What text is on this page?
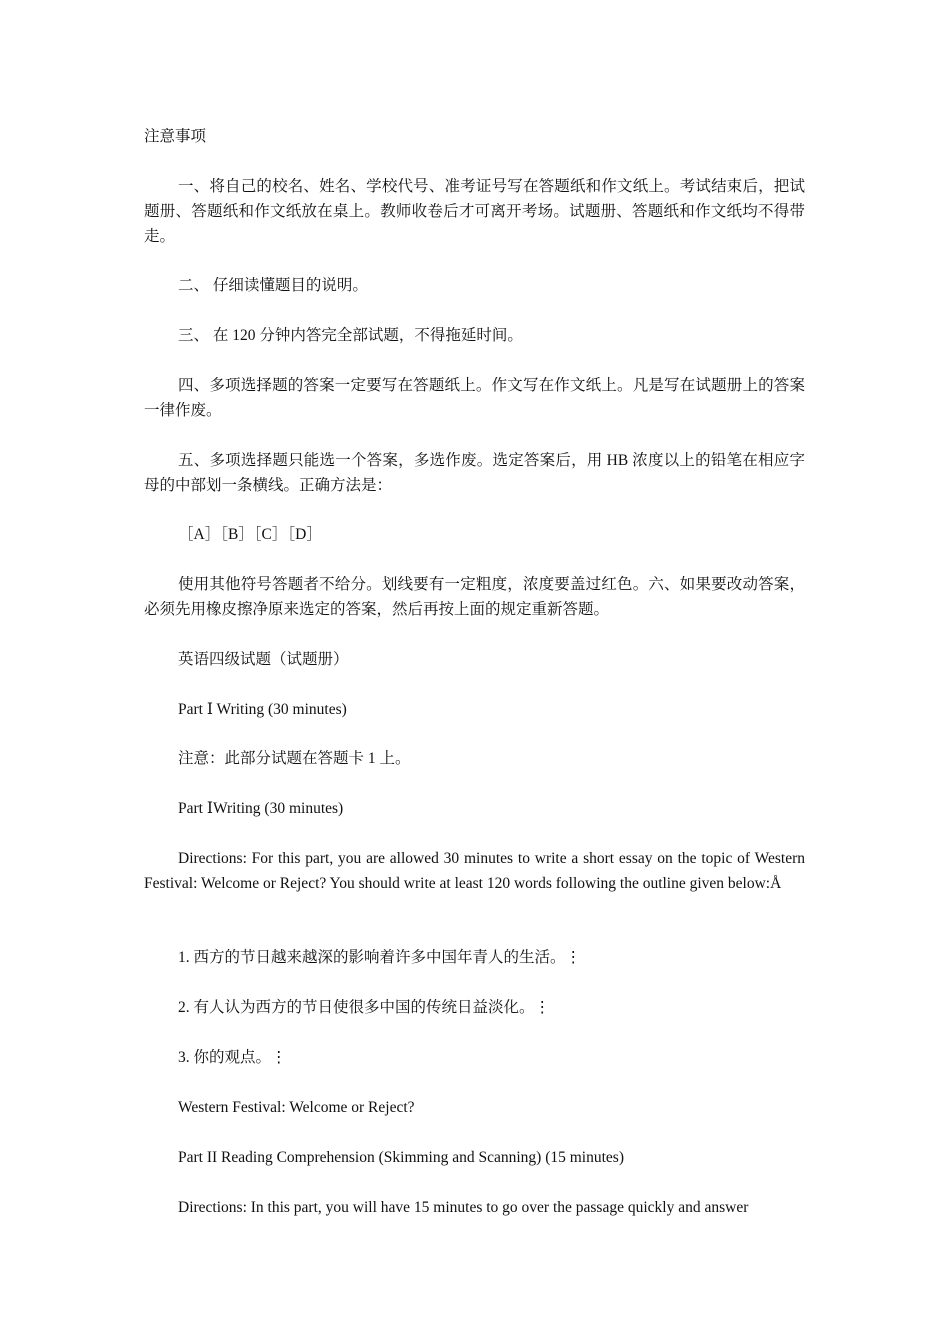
注意事项
一、将自己的校名、姓名、学校代号、准考证号写在答题纸和作文纸上。考试结束后，把试题册、答题纸和作文纸放在桌上。教师收卷后才可离开考场。试题册、答题纸和作文纸均不得带走。
二、 仔细读懂题目的说明。
三、 在 120 分钟内答完全部试题，不得拖延时间。
四、多项选择题的答案一定要写在答题纸上。作文写在作文纸上。凡是写在试题册上的答案一律作废。
五、多项选择题只能选一个答案，多选作废。选定答案后，用 HB 浓度以上的铅笔在相应字母的中部划一条横线。正确方法是：
［A］［B］［C］［D］
使用其他符号答题者不给分。划线要有一定粗度，浓度要盖过红色。六、如果要改动答案，必须先用橡皮擦净原来选定的答案，然后再按上面的规定重新答题。
英语四级试题（试题册）
Part Ⅰ Writing (30 minutes)
注意：此部分试题在答题卡 1 上。
Part ⅠWriting (30 minutes)
Directions: For this part, you are allowed 30 minutes to write a short essay on the topic of Western Festival: Welcome or Reject? You should write at least 120 words following the outline given below:Å
1. 西方的节日越来越深的影响着许多中国年青人的生活。⋮
2. 有人认为西方的节日使很多中国的传统日益淡化。⋮
3. 你的观点。⋮
Western Festival: Welcome or Reject?
Part II Reading Comprehension (Skimming and Scanning) (15 minutes)
Directions: In this part, you will have 15 minutes to go over the passage quickly and answer
